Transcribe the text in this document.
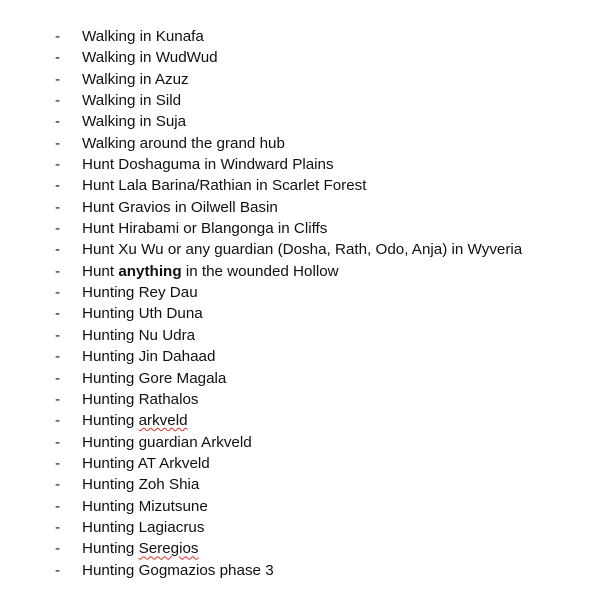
- Walking in Kunafa
- Walking in WudWud
- Walking in Azuz
- Walking in Sild
- Walking in Suja
- Walking around the grand hub
- Hunt Doshaguma in Windward Plains
- Hunt Lala Barina/Rathian in Scarlet Forest
- Hunt Gravios in Oilwell Basin
- Hunt Hirabami or Blangonga in Cliffs
- Hunt Xu Wu or any guardian (Dosha, Rath, Odo, Anja) in Wyveria
- Hunt anything in the wounded Hollow
- Hunting Rey Dau
- Hunting Uth Duna
- Hunting Nu Udra
- Hunting Jin Dahaad
- Hunting Gore Magala
- Hunting Rathalos
- Hunting arkveld
- Hunting guardian Arkveld
- Hunting AT Arkveld
- Hunting Zoh Shia
- Hunting Mizutsune
- Hunting Lagiacrus
- Hunting Seregios
- Hunting Gogmazios phase 3
